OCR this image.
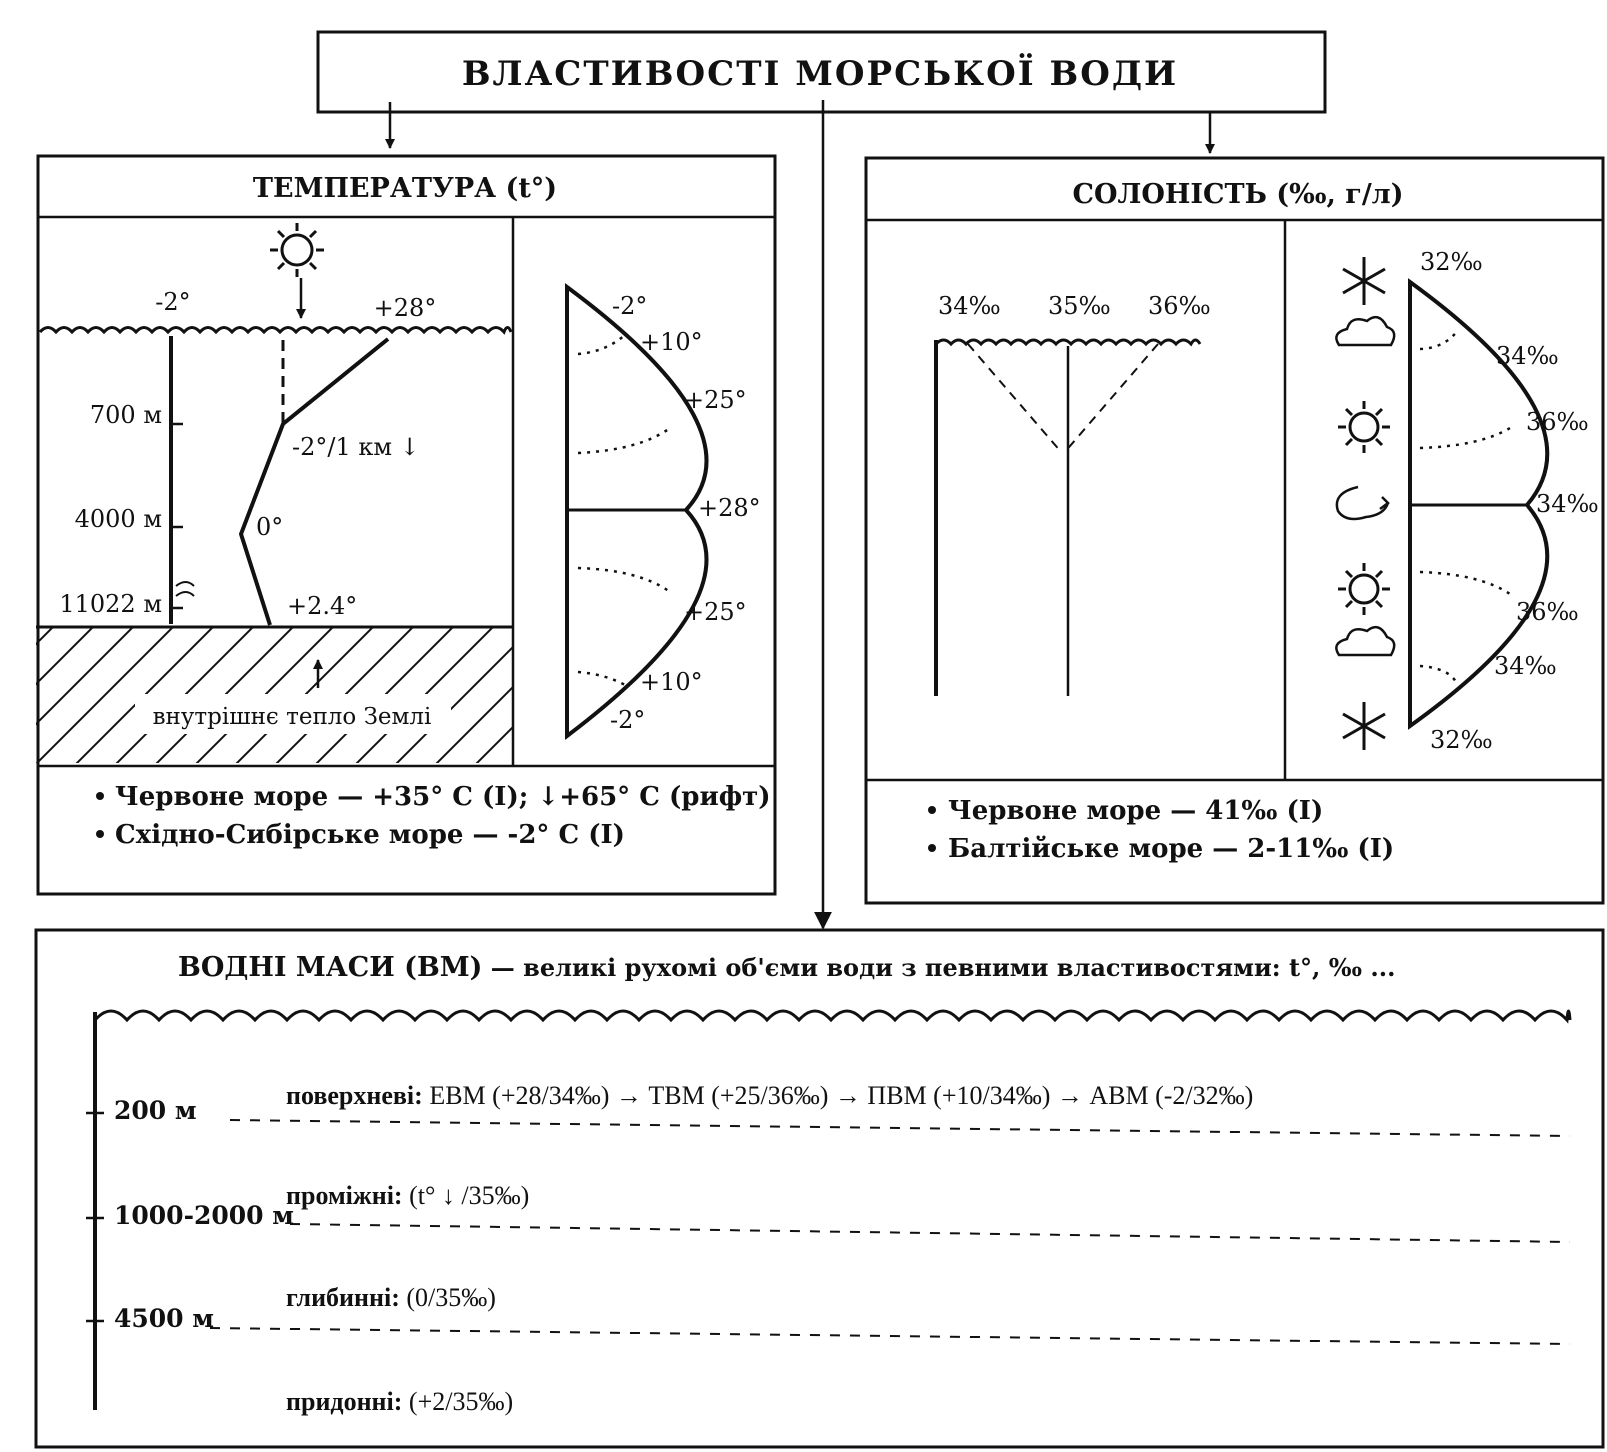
ВЛАСТИВОСТІ МОРСЬКОЇ ВОДИ
ТЕМПЕРАТУРА (t°)
-2°	+28°
700 м
4000 м
11022 м
-2°/1 км ↓
0°
+2.4°
внутрішнє тепло Землі
-2°
+10°
+25°
+28°
+25°
+10°
-2°
Червоне море — +35° С (І); ↓+65° С (рифт)
Східно-Сибірське море — -2° С (І)
СОЛОНІСТЬ (‰, г/л)
34‰ 35‰ 36‰
32‰
34‰
36‰
34‰
36‰
34‰
32‰
Червоне море — 41‰ (І)
Балтійське море — 2-11‰ (І)
ВОДНІ МАСИ (ВМ) — великі рухомі об'єми води з певними властивостями: t°, ‰ ...
200 м
1000-2000 м
4500 м
поверхневі: ЕВМ (+28/34‰) → ТВМ (+25/36‰) → ПВМ (+10/34‰) → АВМ (-2/32‰)
проміжні: (t° ↓ /35‰)
глибинні: (0/35‰)
придонні: (+2/35‰)
